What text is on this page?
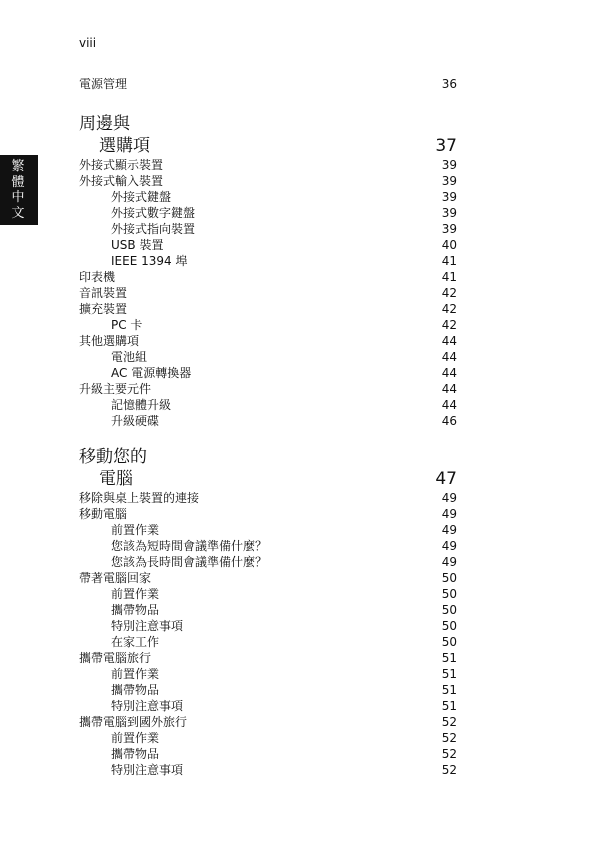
viii
繁體中文
電源管理	36
周邊與
選購項	37
外接式顯示裝置	39
外接式輸入裝置	39
外接式鍵盤	39
外接式數字鍵盤	39
外接式指向裝置	39
USB 裝置	40
IEEE 1394 埠	41
印表機	41
音訊裝置	42
擴充裝置	42
PC 卡	42
其他選購項	44
電池組	44
AC 電源轉換器	44
升級主要元件	44
記憶體升級	44
升級硬碟	46
移動您的
電腦	47
移除與桌上裝置的連接	49
移動電腦	49
前置作業	49
您該為短時間會議準備什麼？	49
您該為長時間會議準備什麼？	49
帶著電腦回家	50
前置作業	50
攜帶物品	50
特別注意事項	50
在家工作	50
攜帶電腦旅行	51
前置作業	51
攜帶物品	51
特別注意事項	51
攜帶電腦到國外旅行	52
前置作業	52
攜帶物品	52
特別注意事項	52
